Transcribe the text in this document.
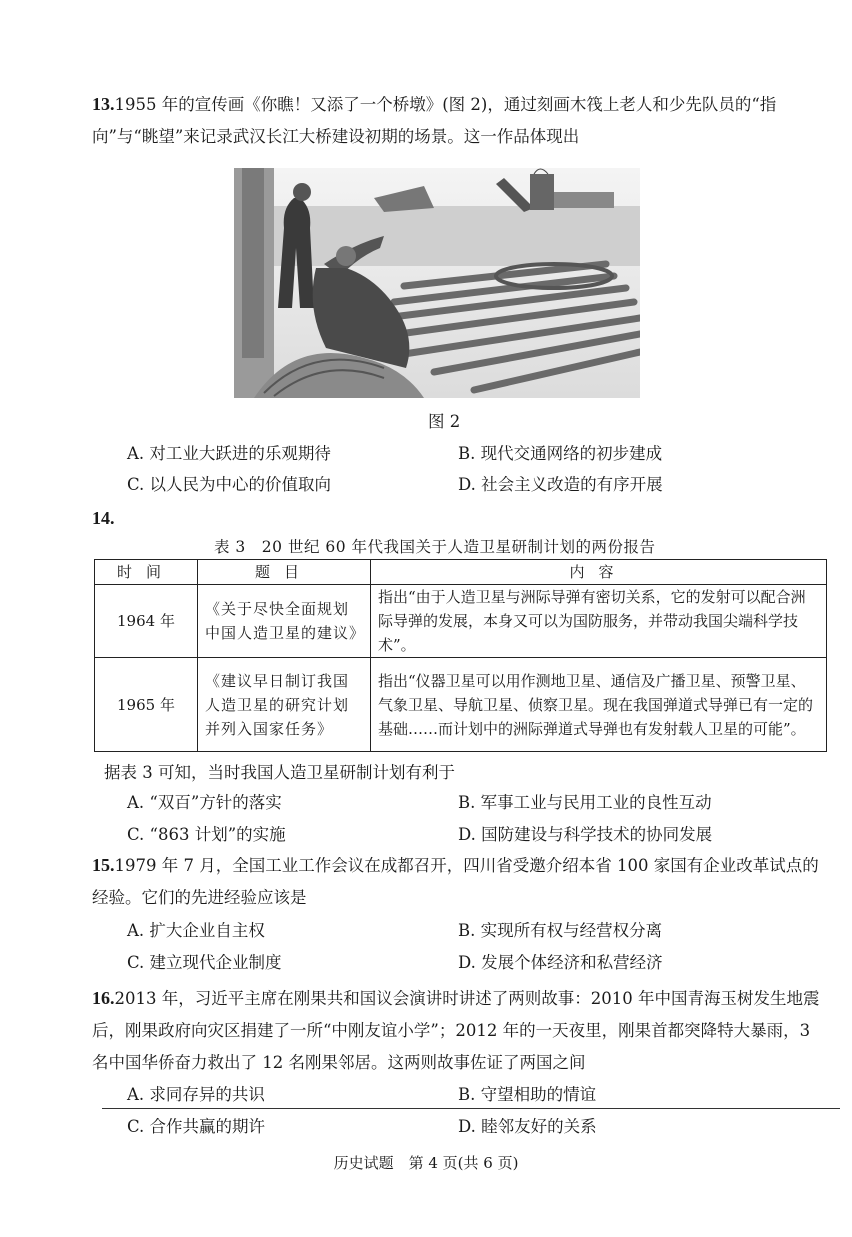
13.1955 年的宣传画《你瞧！又添了一个桥墩》(图 2)，通过刻画木筏上老人和少先队员的“指向”与“眺望”来记录武汉长江大桥建设初期的场景。这一作品体现出
图 2
A. 对工业大跃进的乐观期待	B. 现代交通网络的初步建成
C. 以人民为中心的价值取向	D. 社会主义改造的有序开展
14.
表 3　20 世纪 60 年代我国关于人造卫星研制计划的两份报告
时间	题目	内容
1964 年	《关于尽快全面规划中国人造卫星的建议》	指出“由于人造卫星与洲际导弹有密切关系，它的发射可以配合洲际导弹的发展，本身又可以为国防服务，并带动我国尖端科学技术”。
1965 年	《建议早日制订我国人造卫星的研究计划并列入国家任务》	指出“仪器卫星可以用作测地卫星、通信及广播卫星、预警卫星、气象卫星、导航卫星、侦察卫星。现在我国弹道式导弹已有一定的基础……而计划中的洲际弹道式导弹也有发射载人卫星的可能”。
据表 3 可知，当时我国人造卫星研制计划有利于
A. “双百”方针的落实	B. 军事工业与民用工业的良性互动
C. “863 计划”的实施	D. 国防建设与科学技术的协同发展
15.1979 年 7 月，全国工业工作会议在成都召开，四川省受邀介绍本省 100 家国有企业改革试点的经验。它们的先进经验应该是
A. 扩大企业自主权	B. 实现所有权与经营权分离
C. 建立现代企业制度	D. 发展个体经济和私营经济
16.2013 年，习近平主席在刚果共和国议会演讲时讲述了两则故事：2010 年中国青海玉树发生地震后，刚果政府向灾区捐建了一所“中刚友谊小学”；2012 年的一天夜里，刚果首都突降特大暴雨，3 名中国华侨奋力救出了 12 名刚果邻居。这两则故事佐证了两国之间
A. 求同存异的共识	B. 守望相助的情谊
C. 合作共赢的期许	D. 睦邻友好的关系
历史试题　第 4 页(共 6 页)
